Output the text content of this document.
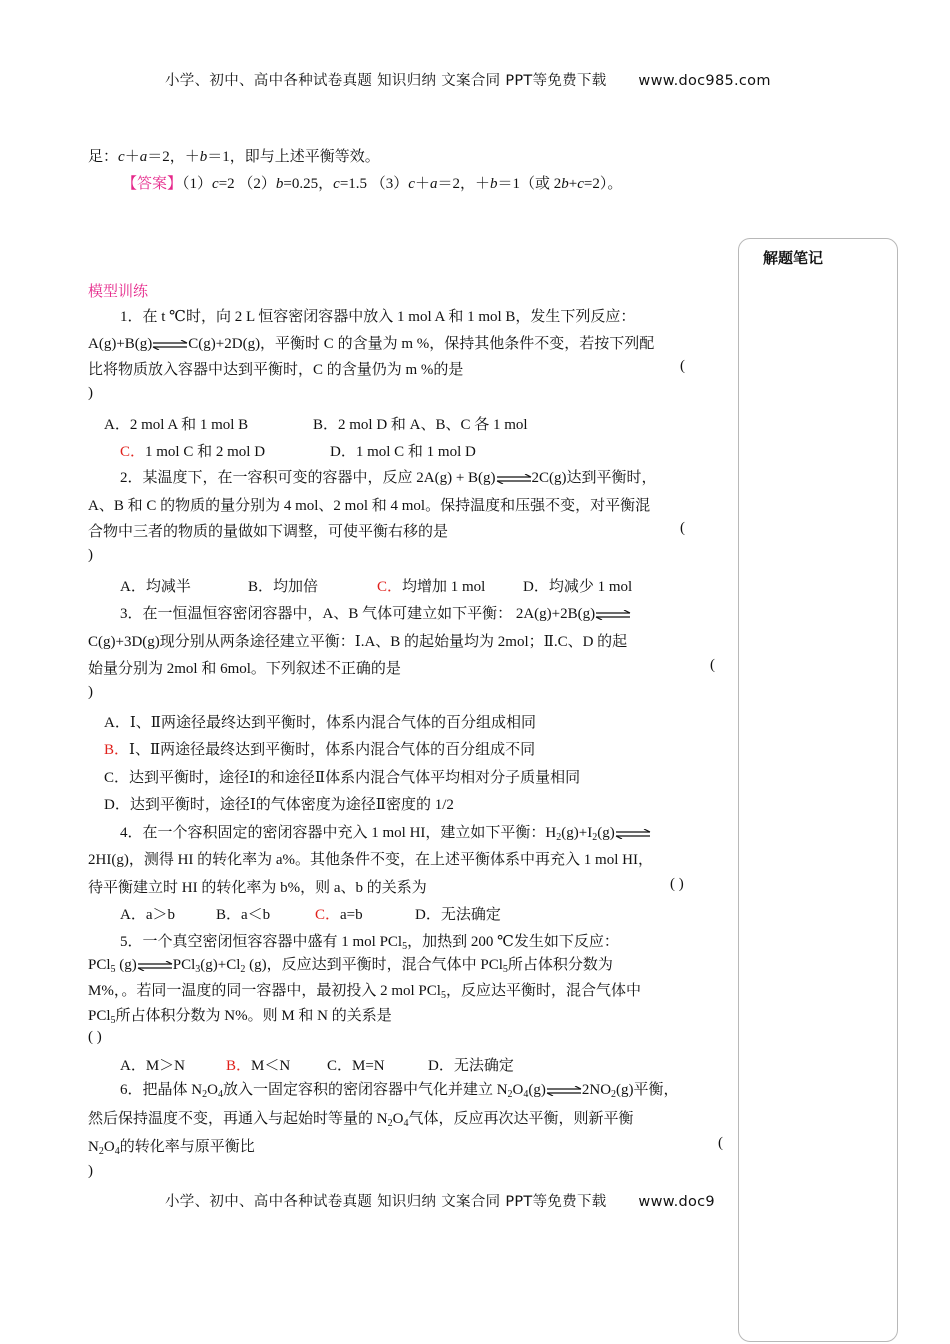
小学、初中、高中各种试卷真题 知识归纳 文案合同 PPT等免费下载 www.doc985.com
足：c＋a＝2，＋b＝1，即与上述平衡等效。
【答案】（1）c=2 （2）b=0.25，c=1.5 （3）c＋a＝2，＋b＝1（或 2b+c=2）。
解题笔记
模型训练
1．在 t ℃时，向 2 L 恒容密闭容器中放入 1 mol A 和 1 mol B，发生下列反应：
A(g)+B(g) C(g)+2D(g)，平衡时 C 的含量为 m %，保持其他条件不变，若按下列配
比将物质放入容器中达到平衡时，C 的含量仍为 m %的是	(
)
A．2 mol A 和 1 mol B	B．2 mol D 和 A、B、C 各 1 mol
C．1 mol C 和 2 mol D	D．1 mol C 和 1 mol D
2．某温度下，在一容积可变的容器中，反应 2A(g) + B(g) 2C(g)达到平衡时，
A、B 和 C 的物质的量分别为 4 mol、2 mol 和 4 mol。保持温度和压强不变，对平衡混
合物中三者的物质的量做如下调整，可使平衡右移的是	(
)
A．均减半	B．均加倍	C．均增加 1 mol	D．均减少 1 mol
3．在一恒温恒容密闭容器中，A、B 气体可建立如下平衡： 2A(g)+2B(g)
C(g)+3D(g)现分别从两条途径建立平衡：Ⅰ.A、B 的起始量均为 2mol；Ⅱ.C、D 的起
始量分别为 2mol 和 6mol。下列叙述不正确的是	(
)
A．Ⅰ、Ⅱ两途径最终达到平衡时，体系内混合气体的百分组成相同
B．Ⅰ、Ⅱ两途径最终达到平衡时，体系内混合气体的百分组成不同
C．达到平衡时，途径Ⅰ的和途径Ⅱ体系内混合气体平均相对分子质量相同
D．达到平衡时，途径Ⅰ的气体密度为途径Ⅱ密度的 1/2
4．在一个容积固定的密闭容器中充入 1 mol HI，建立如下平衡：$H_2(g)+I_2(g)$
2HI(g)，测得 HI 的转化率为 a%。其他条件不变，在上述平衡体系中再充入 1 mol HI，
待平衡建立时 HI 的转化率为 b%，则 a、b 的关系为	( )
A．a＞b	B．a＜b	C．a=b	D．无法确定
5．一个真空密闭恒容容器中盛有 1 mol PCl$_5$，加热到 200 ℃发生如下反应：
PCl$_5$ (g) $PCl_3(g)+Cl_2$ (g)，反应达到平衡时，混合气体中 PCl$_5$所占体积分数为
M%，。若同一温度的同一容器中，最初投入 2 mol PCl$_5$，反应达平衡时，混合气体中
PCl$_5$所占体积分数为 N%。则 M 和 N 的关系是
( )
A．M＞N	B．M＜N C．M=N	D．无法确定
6．把晶体 $N_2O_4$放入一固定容积的密闭容器中气化并建立 $N_2O_4(g)$ $2NO_2(g)$平衡，
然后保持温度不变，再通入与起始时等量的 $N_2O_4$气体，反应再次达平衡，则新平衡
$N_2O_4$的转化率与原平衡比	(
)
小学、初中、高中各种试卷真题 知识归纳 文案合同 PPT等免费下载 www.doc9
